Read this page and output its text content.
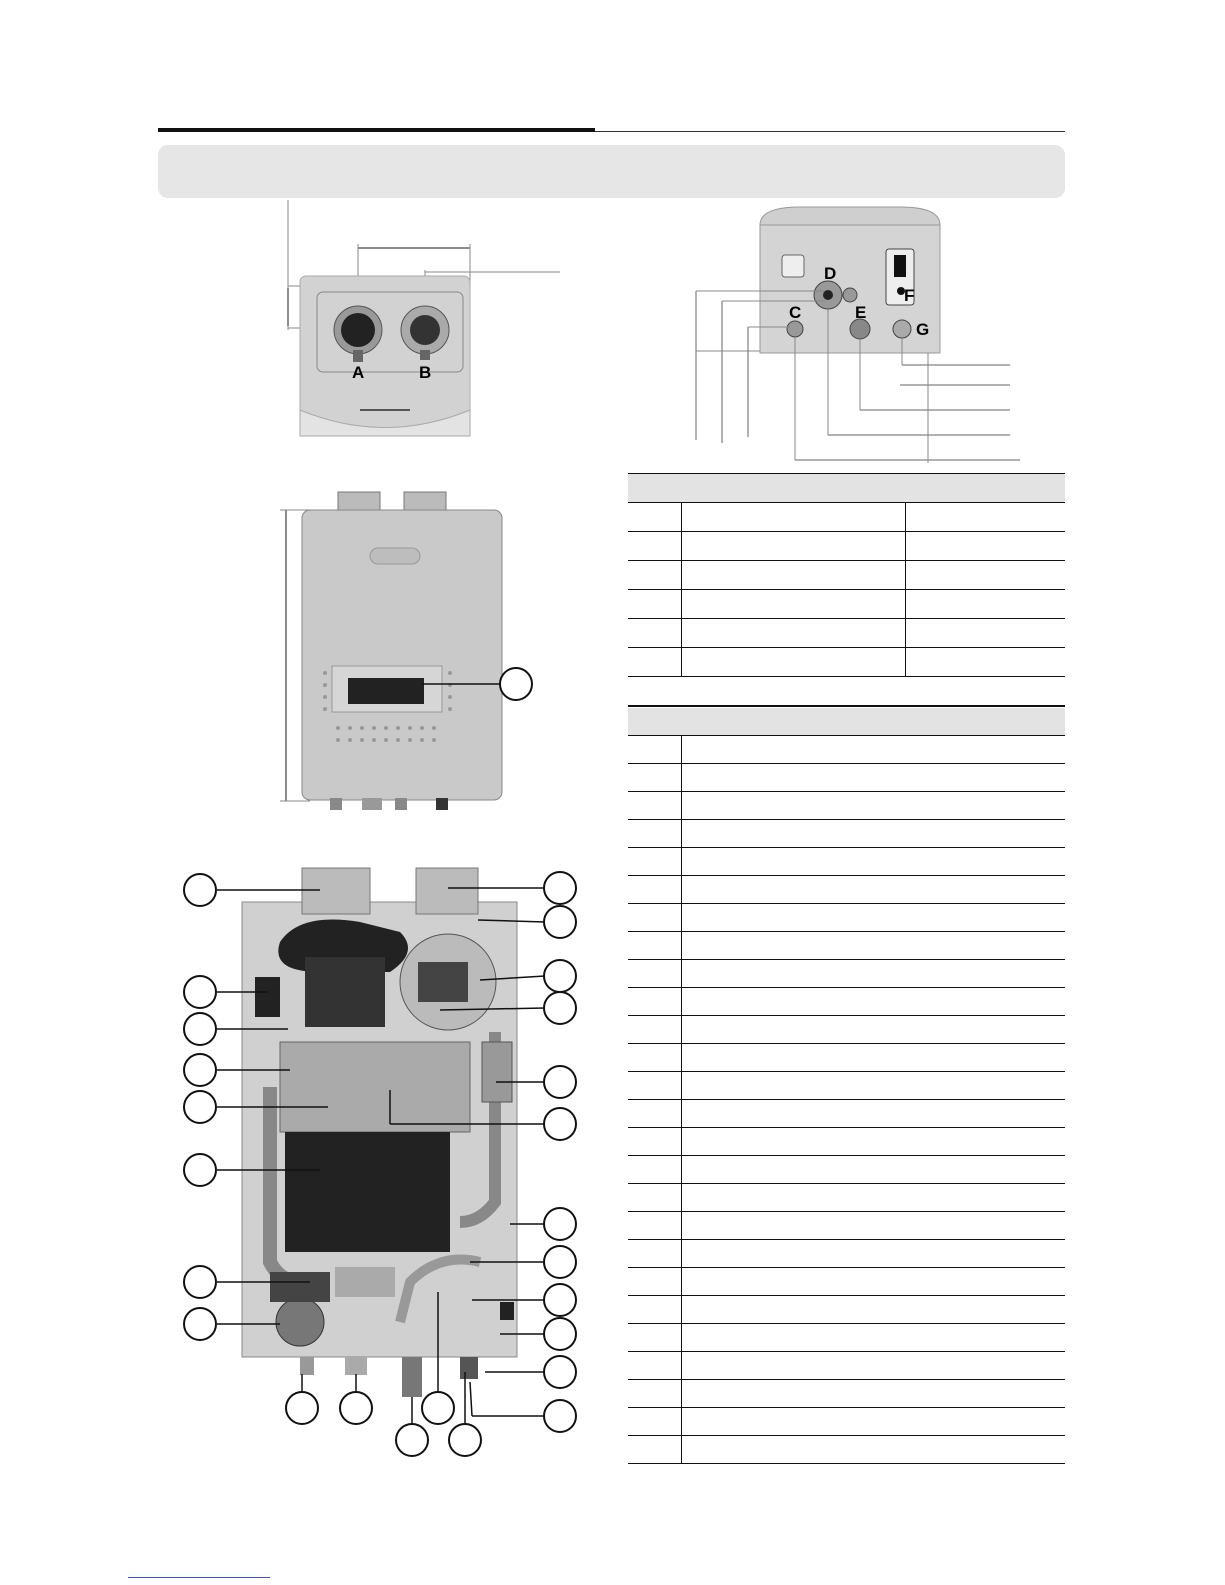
A	B
D
C	E
F
G
